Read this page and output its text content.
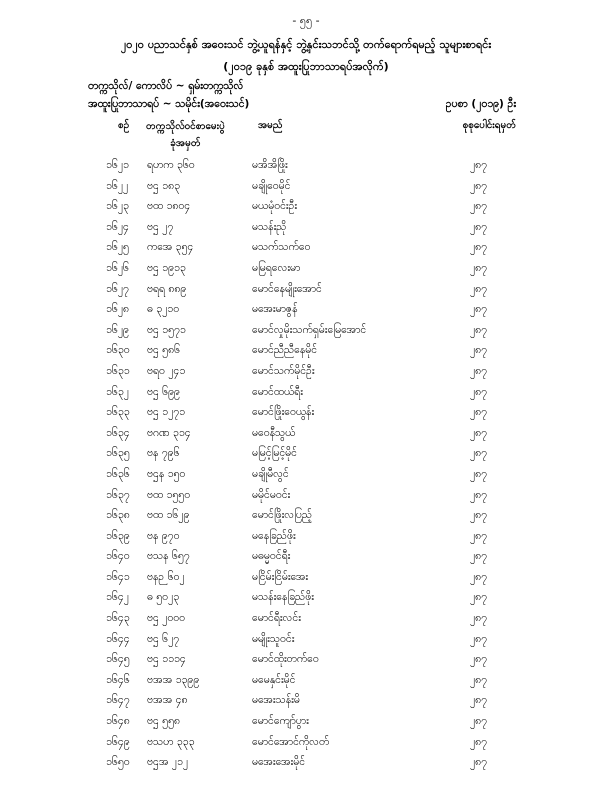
- ၅၅ -
၂၀၂၀ ပညာသင်နှစ် အဝေးသင် ဘွဲ့ယူရန်နှင့် ဘွဲ့နှင်းသဘင်သို့ တက်ရောက်ရမည့် သူများစာရင်း
(၂၀၁၉ ခုနှစ် အထူးပြုဘာသာရပ်အလိုက်)
တက္ကသိုလ်/ ကောလိပ် ~ ရှမ်းတက္ကသိုလ်
အထူးပြုဘာသာရပ် ~ သမိုင်း(အဝေးသင်)	ဥပစာ (၂၀၁၉) ဦး
စဉ် တက္ကသိုလ်ဝင်စာမေးပွဲ
ခုံအမှတ်
အမည်	စုစုပေါင်းရမှတ်
၁၆၂၁ ရဟက ၃၆၀	မအိအိဖြိုး	၂၈၇
၁၆၂၂ ဗဌ ၁၈၃	မချိုဝေမိုင်	၂၈၇
၁၆၂၃ ဗထ ၁၈၀၄	မယမုံဝင်းဦး	၂၈၇
၁၆၂၄ ဗဌ ၂၇	မသန်းညို	၂၈၇
၁၆၂၅ ကအေ ၃၅၄	မသက်သက်ဝေ	၂၈၇
၁၆၂၆ ဗဌ ၁၉၁၃	မမြရလေးမာ	၂၈၇
၁၆၂၇ ဗရရ ၈၈၉	မောင်နေမျိုးအောင်	၂၈၇
၁၆၂၈ ဓ ၃၂၁၀	မအေးမာဇွန်	၂၈၇
၁၆၂၉ ဗဌ ၁၅၇၁	မောင်လှုမိုးသက်ရှမ်းမြေအောင်	၂၈၇
၁၆၃၀ ဗဌ ၅၈၆	မောင်ညီညီနေမိုင်	၂၈၇
၁၆၃၁ ဗရဝ ၂၄၁	မောင်သက်မိုင်ဦး	၂၈၇
၁၆၃၂ ဗဌ ၆၉၉	မောင်ထယ်ရီး	၂၈၇
၁၆၃၃ ဗဌ ၁၂၇၁	မောင်ဖြိုးဝေယွန်း	၂၈၇
၁၆၃၄ ဗဂဏ ၃၁၄	မဝေနီသွယ်	၂၈၇
၁၆၃၅ ဗန ၇၉၆	မမြင့်မြင့်မိုင်	၂၈၇
၁၆၃၆ ဗဌန ၁၅၀	မချိုမီလွင်	၂၈၇
၁၆၃၇ ဗထ ၁၅၅၀	မမိုင်မဝင်း	၂၈၇
၁၆၃၈ ဗထ ၁၆၂၉	မောင်ဖြိုးလပြည့်	၂၈၇
၁၆၃၉ ဗန ၉၇၀	မနေခြည်ဖိုး	၂၈၇
၁၆၄၀ ဗသန ၆၅၇	မဓမ္မဝင်ရီး	၂၈၇
၁၆၄၁ ဗနဉ ၆၀၂	မငြိမ်းငြိမ်းအေး	၂၈၇
၁၆၄၂ ဓ ၅၀၂၃	မသန်းနေခြည်ဖိုး	၂၈၇
၁၆၄၃ ဗဌ ၂၀၀၀	မောင်ရီးလင်း	၂၈၇
၁၆၄၄ ဗဌ ၆၂၇	မမျိုးသူဝင်း	၂၈၇
၁၆၄၅ ဗဌ ၁၁၁၄	မောင်ထိုးတက်ဝေ	၂၈၇
၁၆၄၆ ဗအအ ၁၃၉၉	မမေနှင်းမိုင်	၂၈၇
၁၆၄၇ ဗအအ ၄၈	မအေးသန်းမိ	၂၈၇
၁၆၄၈ ဗဌ ၅၅၈	မောင်ကျော်ပွား	၂၈၇
၁၆၄၉ ဗသဟ ၃၃၃	မောင်အောင်ကိုလတ်	၂၈၇
၁၆၅၀ ဗဌအ ၂၁၂	မအေးအေးမိုင်	၂၈၇
